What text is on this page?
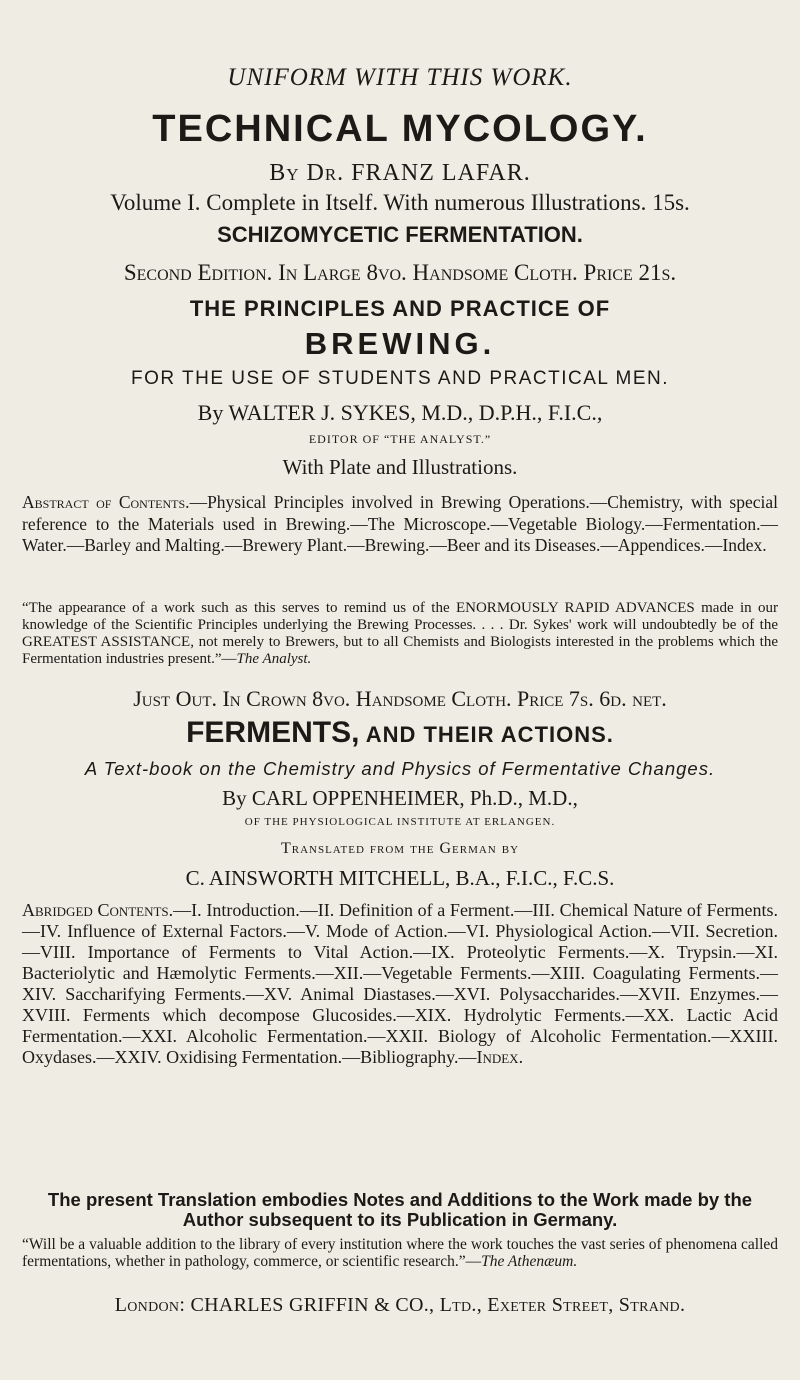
UNIFORM WITH THIS WORK.
TECHNICAL MYCOLOGY.
By Dr. FRANZ LAFAR.
Volume I. Complete in Itself. With numerous Illustrations. 15s.
SCHIZOMYCETIC FERMENTATION.
Second Edition. In Large 8vo. Handsome Cloth. Price 21s.
THE PRINCIPLES AND PRACTICE OF
BREWING.
FOR THE USE OF STUDENTS AND PRACTICAL MEN.
By WALTER J. SYKES, M.D., D.P.H., F.I.C.,
EDITOR OF “THE ANALYST.”
With Plate and Illustrations.
Abstract of Contents.—Physical Principles involved in Brewing Operations.—Chemistry, with special reference to the Materials used in Brewing.—The Microscope.—Vegetable Biology.—Fermentation.—Water.—Barley and Malting.—Brewery Plant.—Brewing.—Beer and its Diseases.—Appendices.—Index.
“The appearance of a work such as this serves to remind us of the ENORMOUSLY RAPID ADVANCES made in our knowledge of the Scientific Principles underlying the Brewing Processes. . . . Dr. Sykes' work will undoubtedly be of the GREATEST ASSISTANCE, not merely to Brewers, but to all Chemists and Biologists interested in the problems which the Fermentation industries present.”—The Analyst.
Just Out. In Crown 8vo. Handsome Cloth. Price 7s. 6d. net.
FERMENTS, AND THEIR ACTIONS.
A Text-book on the Chemistry and Physics of Fermentative Changes.
By CARL OPPENHEIMER, Ph.D., M.D.,
OF THE PHYSIOLOGICAL INSTITUTE AT ERLANGEN.
Translated from the German by
C. AINSWORTH MITCHELL, B.A., F.I.C., F.C.S.
Abridged Contents.—I. Introduction.—II. Definition of a Ferment.—III. Chemical Nature of Ferments.—IV. Influence of External Factors.—V. Mode of Action.—VI. Physiological Action.—VII. Secretion.—VIII. Importance of Ferments to Vital Action.—IX. Proteolytic Ferments.—X. Trypsin.—XI. Bacteriolytic and Hæmolytic Ferments.—XII.—Vegetable Ferments.—XIII. Coagulating Ferments.—XIV. Saccharifying Ferments.—XV. Animal Diastases.—XVI. Polysaccharides.—XVII. Enzymes.—XVIII. Ferments which decompose Glucosides.—XIX. Hydrolytic Ferments.—XX. Lactic Acid Fermentation.—XXI. Alcoholic Fermentation.—XXII. Biology of Alcoholic Fermentation.—XXIII. Oxydases.—XXIV. Oxidising Fermentation.—Bibliography.—Index.
The present Translation embodies Notes and Additions to the Work made by the Author subsequent to its Publication in Germany.
“Will be a valuable addition to the library of every institution where the work touches the vast series of phenomena called fermentations, whether in pathology, commerce, or scientific research.”—The Athenæum.
London: CHARLES GRIFFIN & CO., Ltd., Exeter Street, Strand.
